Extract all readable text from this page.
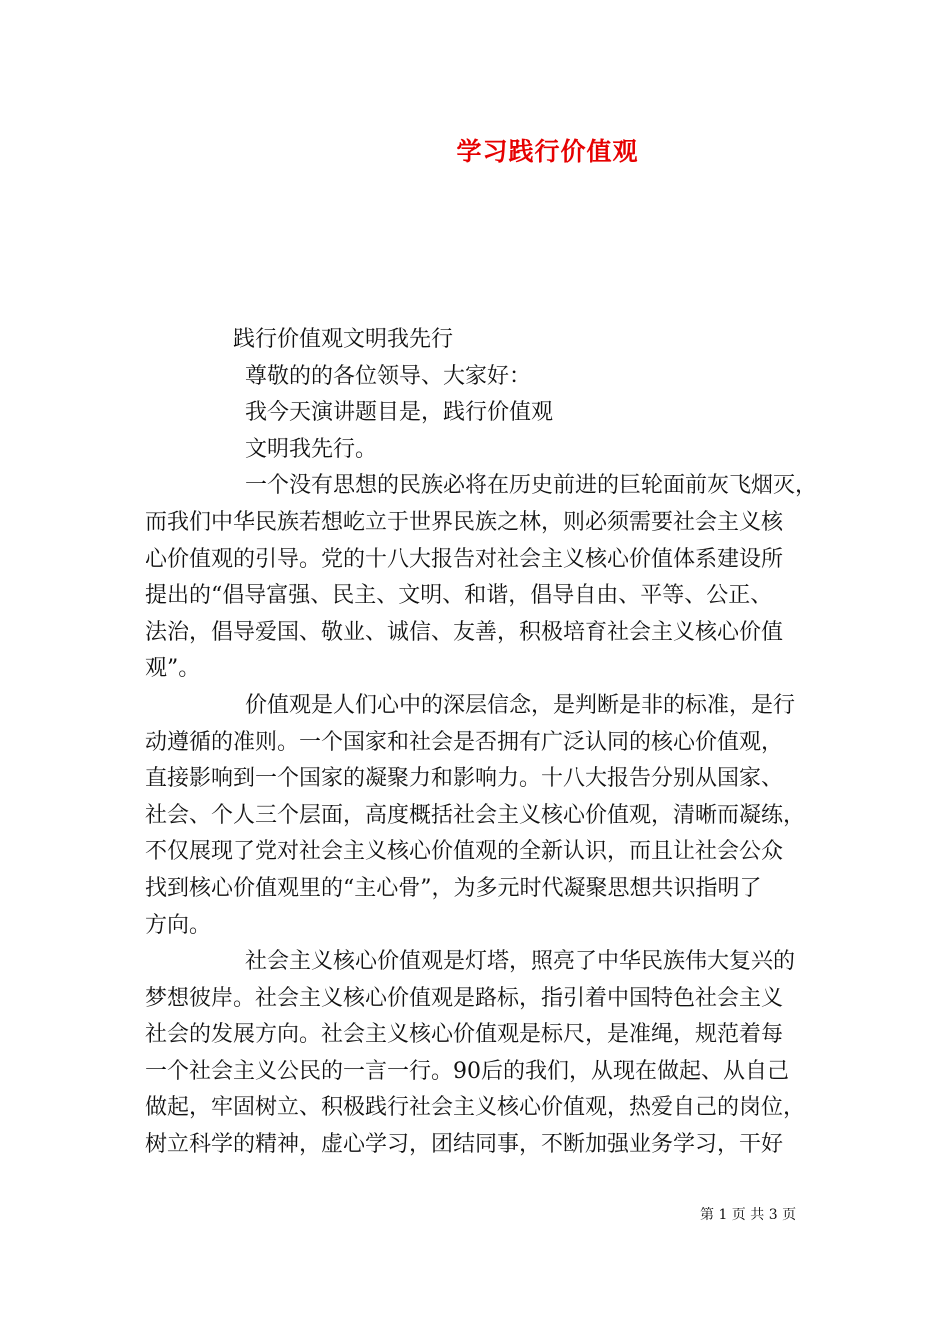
学习践行价值观
践行价值观文明我先行
尊敬的的各位领导、大家好：
我今天演讲题目是，践行价值观
文明我先行。
一个没有思想的民族必将在历史前进的巨轮面前灰飞烟灭，
而我们中华民族若想屹立于世界民族之林，则必须需要社会主义核
心价值观的引导。党的十八大报告对社会主义核心价值体系建设所
提出的“倡导富强、民主、文明、和谐，倡导自由、平等、公正、
法治，倡导爱国、敬业、诚信、友善，积极培育社会主义核心价值
观”。
价值观是人们心中的深层信念，是判断是非的标准，是行
动遵循的准则。一个国家和社会是否拥有广泛认同的核心价值观，
直接影响到一个国家的凝聚力和影响力。十八大报告分别从国家、
社会、个人三个层面，高度概括社会主义核心价值观，清晰而凝练，
不仅展现了党对社会主义核心价值观的全新认识，而且让社会公众
找到核心价值观里的“主心骨”，为多元时代凝聚思想共识指明了
方向。
社会主义核心价值观是灯塔，照亮了中华民族伟大复兴的
梦想彼岸。社会主义核心价值观是路标，指引着中国特色社会主义
社会的发展方向。社会主义核心价值观是标尺，是准绳，规范着每
一个社会主义公民的一言一行。90后的我们，从现在做起、从自己
做起，牢固树立、积极践行社会主义核心价值观，热爱自己的岗位，
树立科学的精神，虚心学习，团结同事，不断加强业务学习，干好
第 1 页 共 3 页
